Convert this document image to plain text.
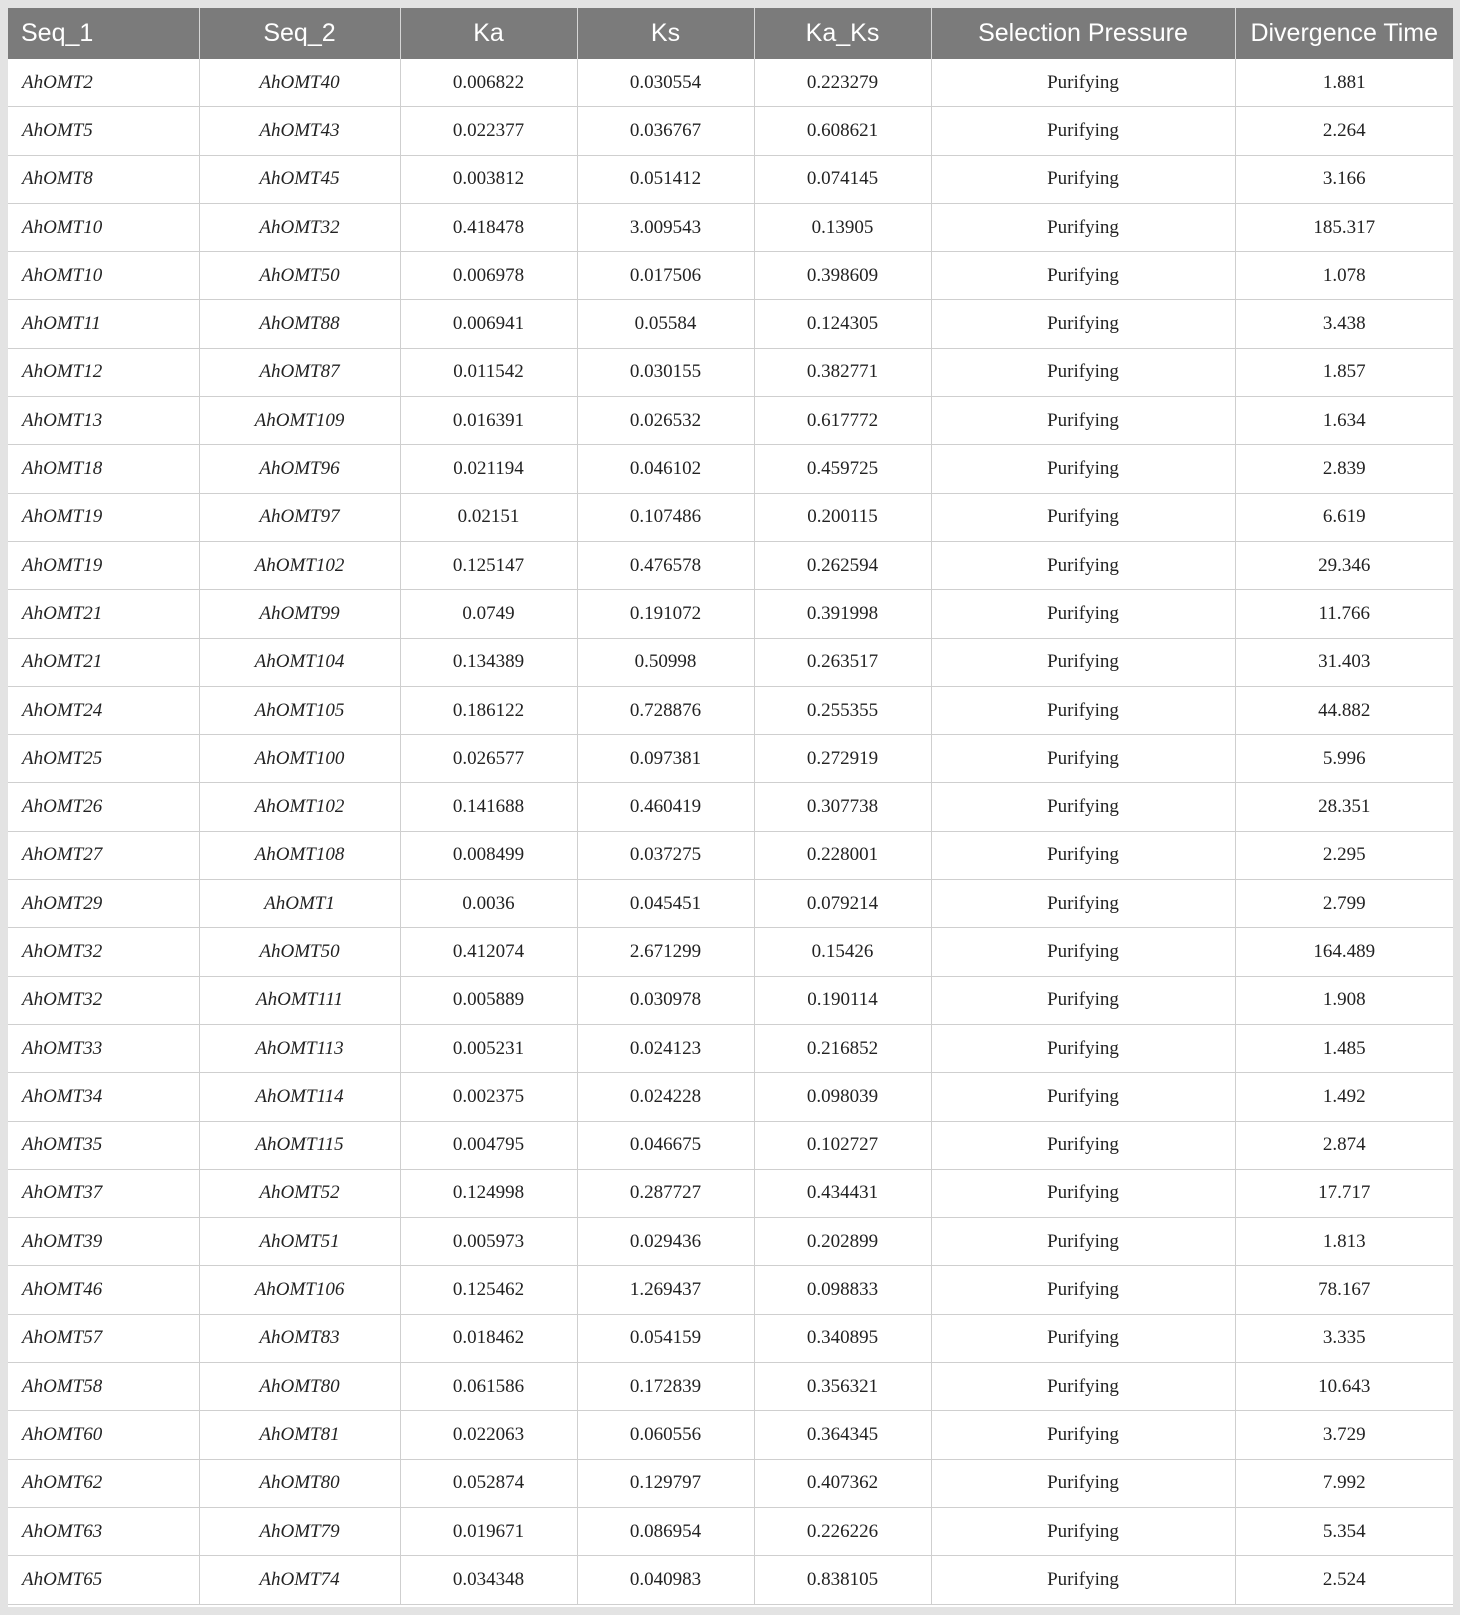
Seq_1	Seq_2	Ka	Ks	Ka_Ks	Selection Pressure	Divergence Time
AhOMT2	AhOMT40	0.006822	0.030554	0.223279	Purifying	1.881
AhOMT5	AhOMT43	0.022377	0.036767	0.608621	Purifying	2.264
AhOMT8	AhOMT45	0.003812	0.051412	0.074145	Purifying	3.166
AhOMT10	AhOMT32	0.418478	3.009543	0.13905	Purifying	185.317
AhOMT10	AhOMT50	0.006978	0.017506	0.398609	Purifying	1.078
AhOMT11	AhOMT88	0.006941	0.05584	0.124305	Purifying	3.438
AhOMT12	AhOMT87	0.011542	0.030155	0.382771	Purifying	1.857
AhOMT13	AhOMT109	0.016391	0.026532	0.617772	Purifying	1.634
AhOMT18	AhOMT96	0.021194	0.046102	0.459725	Purifying	2.839
AhOMT19	AhOMT97	0.02151	0.107486	0.200115	Purifying	6.619
AhOMT19	AhOMT102	0.125147	0.476578	0.262594	Purifying	29.346
AhOMT21	AhOMT99	0.0749	0.191072	0.391998	Purifying	11.766
AhOMT21	AhOMT104	0.134389	0.50998	0.263517	Purifying	31.403
AhOMT24	AhOMT105	0.186122	0.728876	0.255355	Purifying	44.882
AhOMT25	AhOMT100	0.026577	0.097381	0.272919	Purifying	5.996
AhOMT26	AhOMT102	0.141688	0.460419	0.307738	Purifying	28.351
AhOMT27	AhOMT108	0.008499	0.037275	0.228001	Purifying	2.295
AhOMT29	AhOMT1	0.0036	0.045451	0.079214	Purifying	2.799
AhOMT32	AhOMT50	0.412074	2.671299	0.15426	Purifying	164.489
AhOMT32	AhOMT111	0.005889	0.030978	0.190114	Purifying	1.908
AhOMT33	AhOMT113	0.005231	0.024123	0.216852	Purifying	1.485
AhOMT34	AhOMT114	0.002375	0.024228	0.098039	Purifying	1.492
AhOMT35	AhOMT115	0.004795	0.046675	0.102727	Purifying	2.874
AhOMT37	AhOMT52	0.124998	0.287727	0.434431	Purifying	17.717
AhOMT39	AhOMT51	0.005973	0.029436	0.202899	Purifying	1.813
AhOMT46	AhOMT106	0.125462	1.269437	0.098833	Purifying	78.167
AhOMT57	AhOMT83	0.018462	0.054159	0.340895	Purifying	3.335
AhOMT58	AhOMT80	0.061586	0.172839	0.356321	Purifying	10.643
AhOMT60	AhOMT81	0.022063	0.060556	0.364345	Purifying	3.729
AhOMT62	AhOMT80	0.052874	0.129797	0.407362	Purifying	7.992
AhOMT63	AhOMT79	0.019671	0.086954	0.226226	Purifying	5.354
AhOMT65	AhOMT74	0.034348	0.040983	0.838105	Purifying	2.524
